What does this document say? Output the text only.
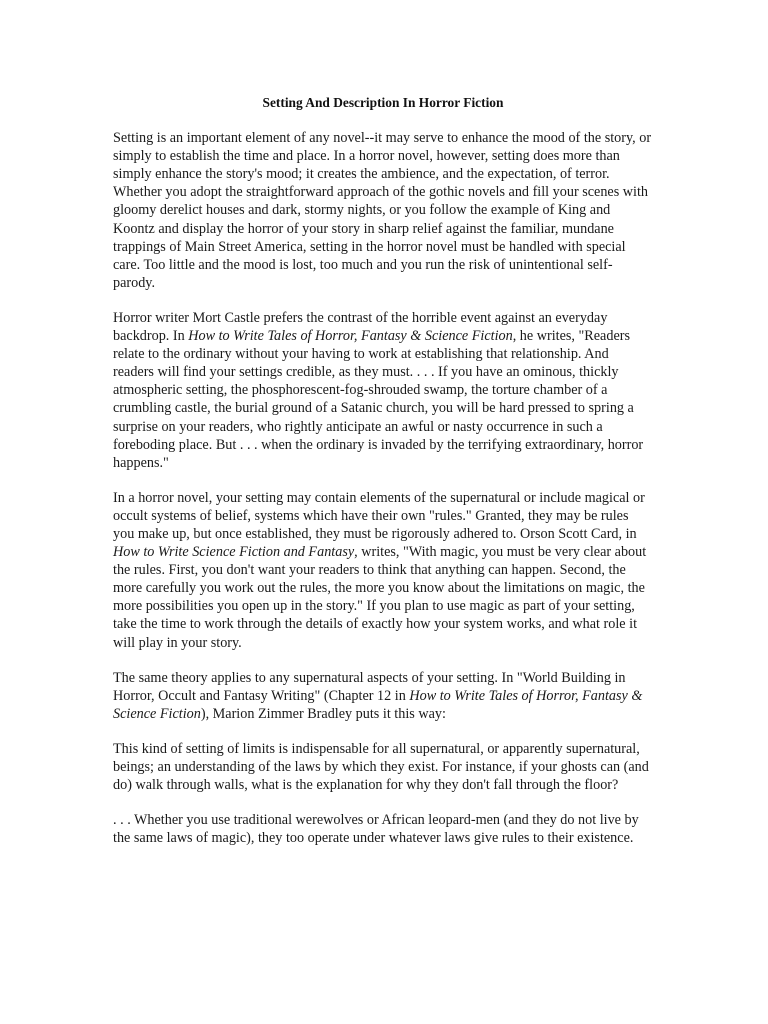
Setting And Description In Horror Fiction

Setting is an important element of any novel--it may serve to enhance the mood of the story, or simply to establish the time and place. In a horror novel, however, setting does more than simply enhance the story's mood; it creates the ambience, and the expectation, of terror. Whether you adopt the straightforward approach of the gothic novels and fill your scenes with gloomy derelict houses and dark, stormy nights, or you follow the example of King and Koontz and display the horror of your story in sharp relief against the familiar, mundane trappings of Main Street America, setting in the horror novel must be handled with special care. Too little and the mood is lost, too much and you run the risk of unintentional self-parody.

Horror writer Mort Castle prefers the contrast of the horrible event against an everyday backdrop. In How to Write Tales of Horror, Fantasy & Science Fiction, he writes, "Readers relate to the ordinary without your having to work at establishing that relationship. And readers will find your settings credible, as they must. . . . If you have an ominous, thickly atmospheric setting, the phosphorescent-fog-shrouded swamp, the torture chamber of a crumbling castle, the burial ground of a Satanic church, you will be hard pressed to spring a surprise on your readers, who rightly anticipate an awful or nasty occurrence in such a foreboding place. But . . . when the ordinary is invaded by the terrifying extraordinary, horror happens."

In a horror novel, your setting may contain elements of the supernatural or include magical or occult systems of belief, systems which have their own "rules." Granted, they may be rules you make up, but once established, they must be rigorously adhered to. Orson Scott Card, in How to Write Science Fiction and Fantasy, writes, "With magic, you must be very clear about the rules. First, you don't want your readers to think that anything can happen. Second, the more carefully you work out the rules, the more you know about the limitations on magic, the more possibilities you open up in the story." If you plan to use magic as part of your setting, take the time to work through the details of exactly how your system works, and what role it will play in your story.

The same theory applies to any supernatural aspects of your setting. In "World Building in Horror, Occult and Fantasy Writing" (Chapter 12 in How to Write Tales of Horror, Fantasy & Science Fiction), Marion Zimmer Bradley puts it this way:

This kind of setting of limits is indispensable for all supernatural, or apparently supernatural, beings; an understanding of the laws by which they exist. For instance, if your ghosts can (and do) walk through walls, what is the explanation for why they don't fall through the floor?

. . . Whether you use traditional werewolves or African leopard-men (and they do not live by the same laws of magic), they too operate under whatever laws give rules to their existence.
